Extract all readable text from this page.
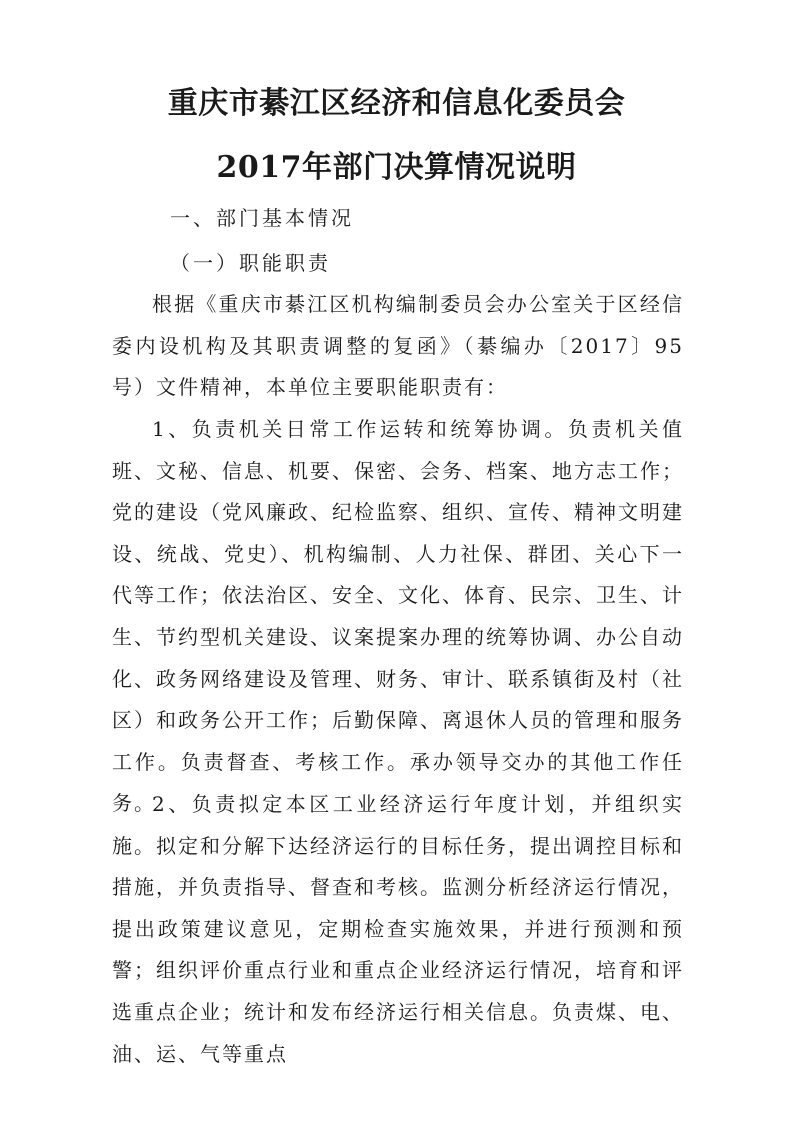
重庆市綦江区经济和信息化委员会
2017年部门决算情况说明
一、部门基本情况
（一）职能职责

根据《重庆市綦江区机构编制委员会办公室关于区经信委内设机构及其职责调整的复函》（綦编办〔2017〕95号）文件精神，本单位主要职能职责有：

1、负责机关日常工作运转和统筹协调。负责机关值班、文秘、信息、机要、保密、会务、档案、地方志工作；党的建设（党风廉政、纪检监察、组织、宣传、精神文明建设、统战、党史）、机构编制、人力社保、群团、关心下一代等工作；依法治区、安全、文化、体育、民宗、卫生、计生、节约型机关建设、议案提案办理的统筹协调、办公自动化、政务网络建设及管理、财务、审计、联系镇街及村（社区）和政务公开工作；后勤保障、离退休人员的管理和服务工作。负责督查、考核工作。承办领导交办的其他工作任务。

2、负责拟定本区工业经济运行年度计划，并组织实施。拟定和分解下达经济运行的目标任务，提出调控目标和措施，并负责指导、督查和考核。监测分析经济运行情况，提出政策建议意见，定期检查实施效果，并进行预测和预警；组织评价重点行业和重点企业经济运行情况，培育和评选重点企业；统计和发布经济运行相关信息。负责煤、电、油、运、气等重点
